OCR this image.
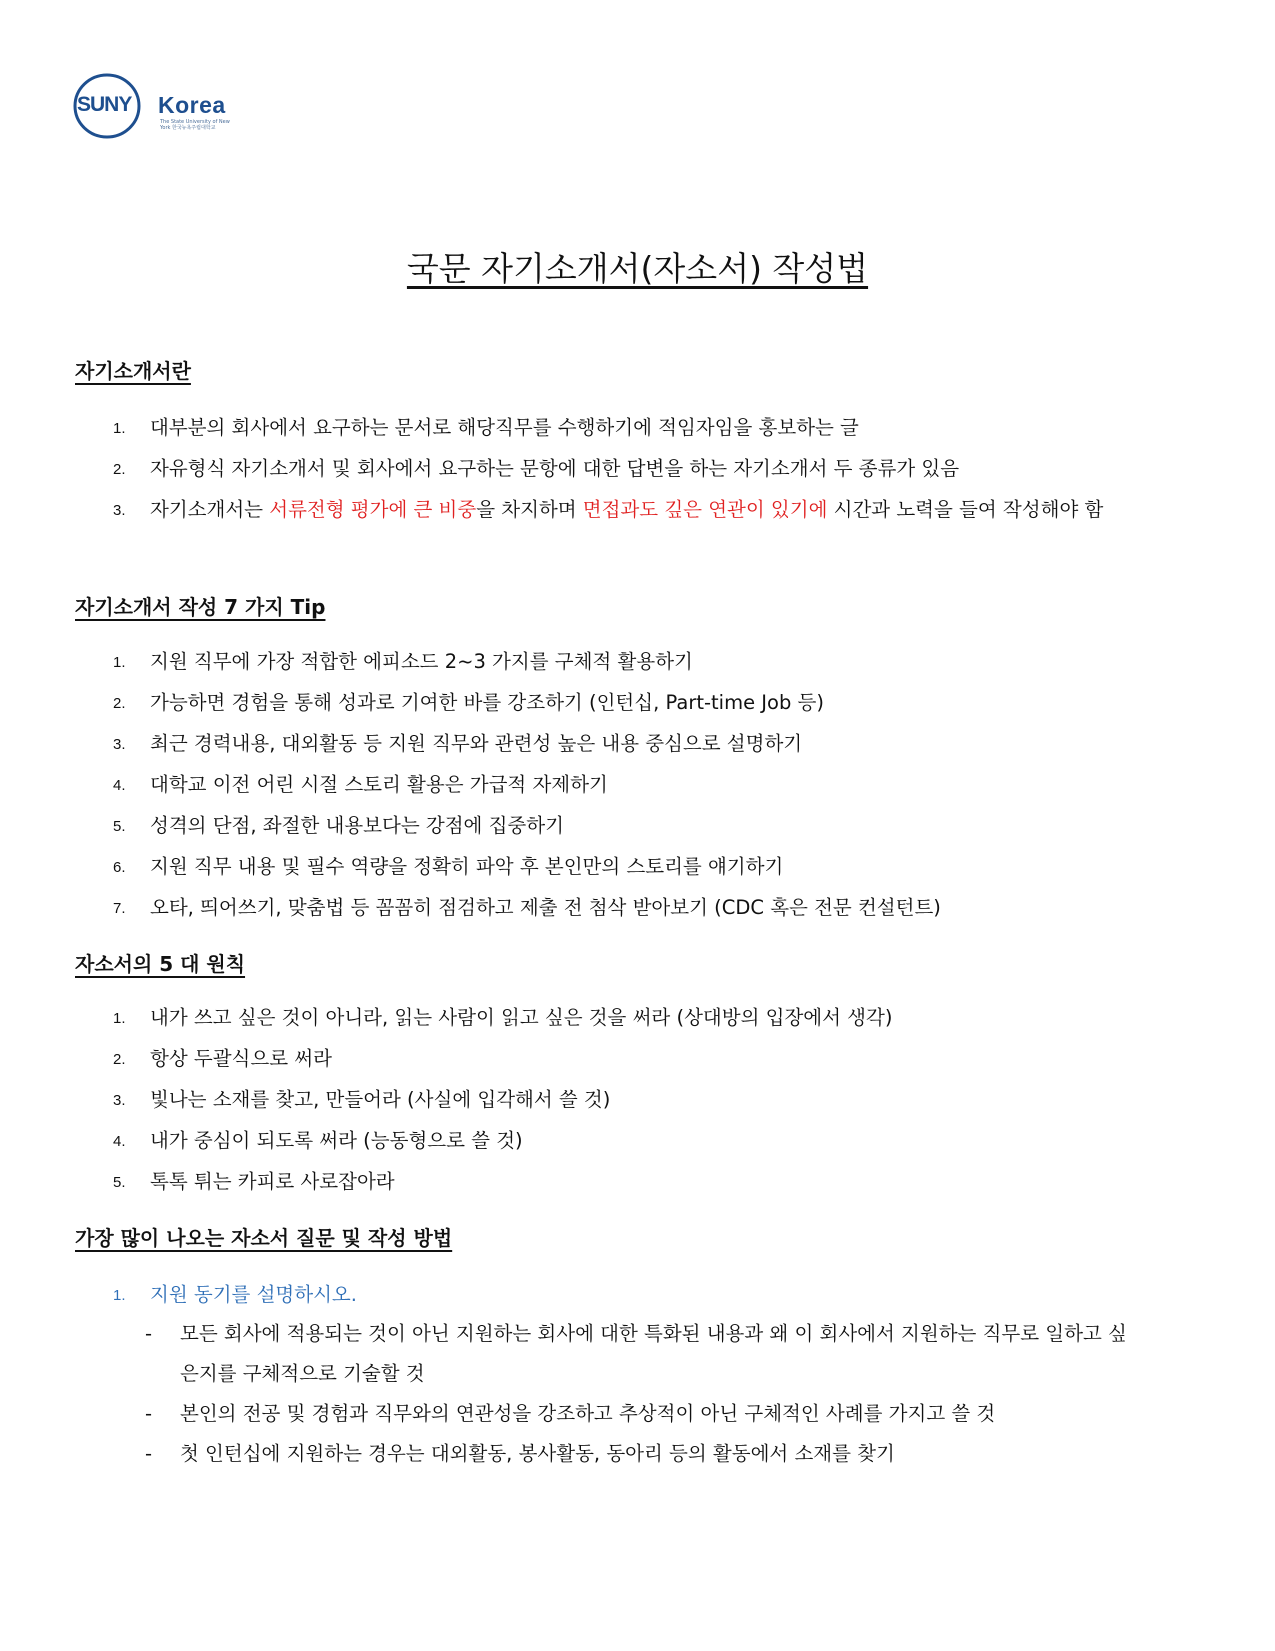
SUNY Korea
The State University of New York 한국뉴욕주립대학교
국문 자기소개서(자소서) 작성법
자기소개서란
1. 대부분의 회사에서 요구하는 문서로 해당직무를 수행하기에 적임자임을 홍보하는 글
2. 자유형식 자기소개서 및 회사에서 요구하는 문항에 대한 답변을 하는 자기소개서 두 종류가 있음
3. 자기소개서는 서류전형 평가에 큰 비중을 차지하며 면접과도 깊은 연관이 있기에 시간과 노력을 들여 작성해야 함
자기소개서 작성 7 가지 Tip
1. 지원 직무에 가장 적합한 에피소드 2~3 가지를 구체적 활용하기
2. 가능하면 경험을 통해 성과로 기여한 바를 강조하기 (인턴십, Part-time Job 등)
3. 최근 경력내용, 대외활동 등 지원 직무와 관련성 높은 내용 중심으로 설명하기
4. 대학교 이전 어린 시절 스토리 활용은 가급적 자제하기
5. 성격의 단점, 좌절한 내용보다는 강점에 집중하기
6. 지원 직무 내용 및 필수 역량을 정확히 파악 후 본인만의 스토리를 얘기하기
7. 오타, 띄어쓰기, 맞춤법 등 꼼꼼히 점검하고 제출 전 첨삭 받아보기 (CDC 혹은 전문 컨설턴트)
자소서의 5 대 원칙
1. 내가 쓰고 싶은 것이 아니라, 읽는 사람이 읽고 싶은 것을 써라 (상대방의 입장에서 생각)
2. 항상 두괄식으로 써라
3. 빛나는 소재를 찾고, 만들어라 (사실에 입각해서 쓸 것)
4. 내가 중심이 되도록 써라 (능동형으로 쓸 것)
5. 톡톡 튀는 카피로 사로잡아라
가장 많이 나오는 자소서 질문 및 작성 방법
1. 지원 동기를 설명하시오.
- 모든 회사에 적용되는 것이 아닌 지원하는 회사에 대한 특화된 내용과 왜 이 회사에서 지원하는 직무로 일하고 싶은지를 구체적으로 기술할 것
- 본인의 전공 및 경험과 직무와의 연관성을 강조하고 추상적이 아닌 구체적인 사례를 가지고 쓸 것
- 첫 인턴십에 지원하는 경우는 대외활동, 봉사활동, 동아리 등의 활동에서 소재를 찾기
